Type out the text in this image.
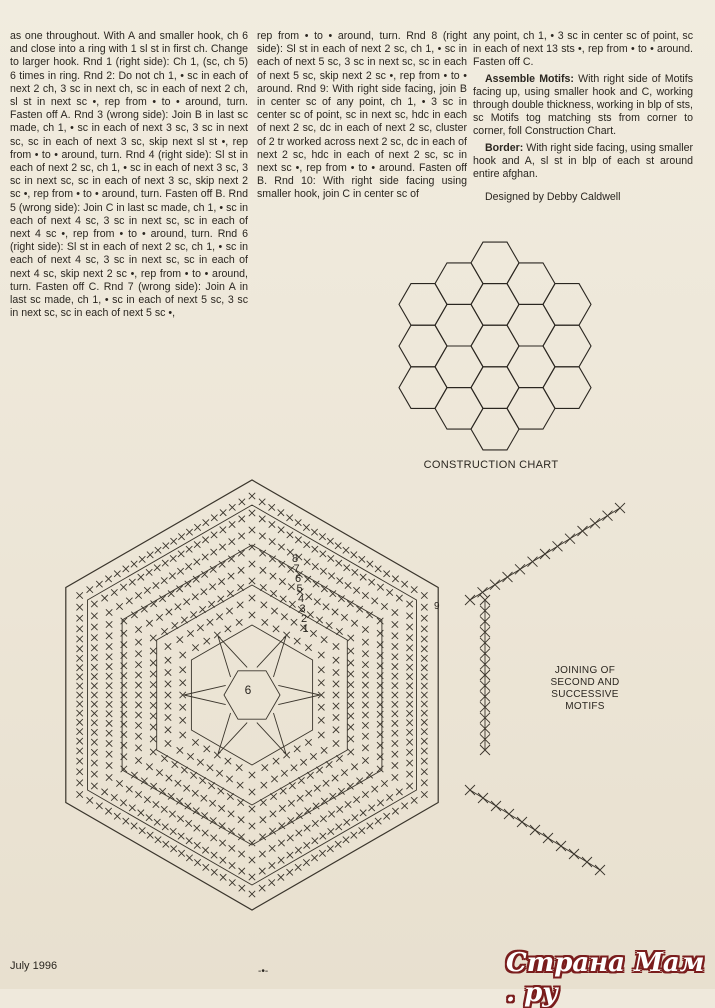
as one throughout. With A and smaller hook, ch 6 and close into a ring with 1 sl st in first ch. Change to larger hook. Rnd 1 (right side): Ch 1, (sc, ch 5) 6 times in ring. Rnd 2: Do not ch 1, • sc in each of next 2 ch, 3 sc in next ch, sc in each of next 2 ch, sl st in next sc •, rep from • to • around, turn. Fasten off A. Rnd 3 (wrong side): Join B in last sc made, ch 1, • sc in each of next 3 sc, 3 sc in next sc, sc in each of next 3 sc, skip next sl st •, rep from • to • around, turn. Rnd 4 (right side): Sl st in each of next 2 sc, ch 1, • sc in each of next 3 sc, 3 sc in next sc, sc in each of next 3 sc, skip next 2 sc •, rep from • to • around, turn. Fasten off B. Rnd 5 (wrong side): Join C in last sc made, ch 1, • sc in each of next 4 sc, 3 sc in next sc, sc in each of next 4 sc •, rep from • to • around, turn. Rnd 6 (right side): Sl st in each of next 2 sc, ch 1, • sc in each of next 4 sc, 3 sc in next sc, sc in each of next 4 sc, skip next 2 sc •, rep from • to • around, turn. Fasten off C. Rnd 7 (wrong side): Join A in last sc made, ch 1, • sc in each of next 5 sc, 3 sc in next sc, sc in each of next 5 sc •,

rep from • to • around, turn. Rnd 8 (right side): Sl st in each of next 2 sc, ch 1, • sc in each of next 5 sc, 3 sc in next sc, sc in each of next 5 sc, skip next 2 sc •, rep from • to • around. Rnd 9: With right side facing, join B in center sc of any point, ch 1, • 3 sc in center sc of point, sc in next sc, hdc in each of next 2 sc, dc in each of next 2 sc, cluster of 2 tr worked across next 2 sc, dc in each of next 2 sc, hdc in each of next 2 sc, sc in next sc •, rep from • to • around. Fasten off B. Rnd 10: With right side facing using smaller hook, join C in center sc of

any point, ch 1, • 3 sc in center sc of point, sc in each of next 13 sts •, rep from • to • around. Fasten off C.

Assemble Motifs: With right side of Motifs facing up, using smaller hook and C, working through double thickness, working in blp of sts, sc Motifs tog matching sts from corner to corner, foll Construction Chart.

Border: With right side facing, using smaller hook and A, sl st in blp of each st around entire afghan.

Designed by Debby Caldwell

CONSTRUCTION CHART
6
8
7
6
5
4
3
2
1
9
JOINING OF SECOND AND SUCCESSIVE MOTIFS
July 1996	-•-	Страна Мам . ру
